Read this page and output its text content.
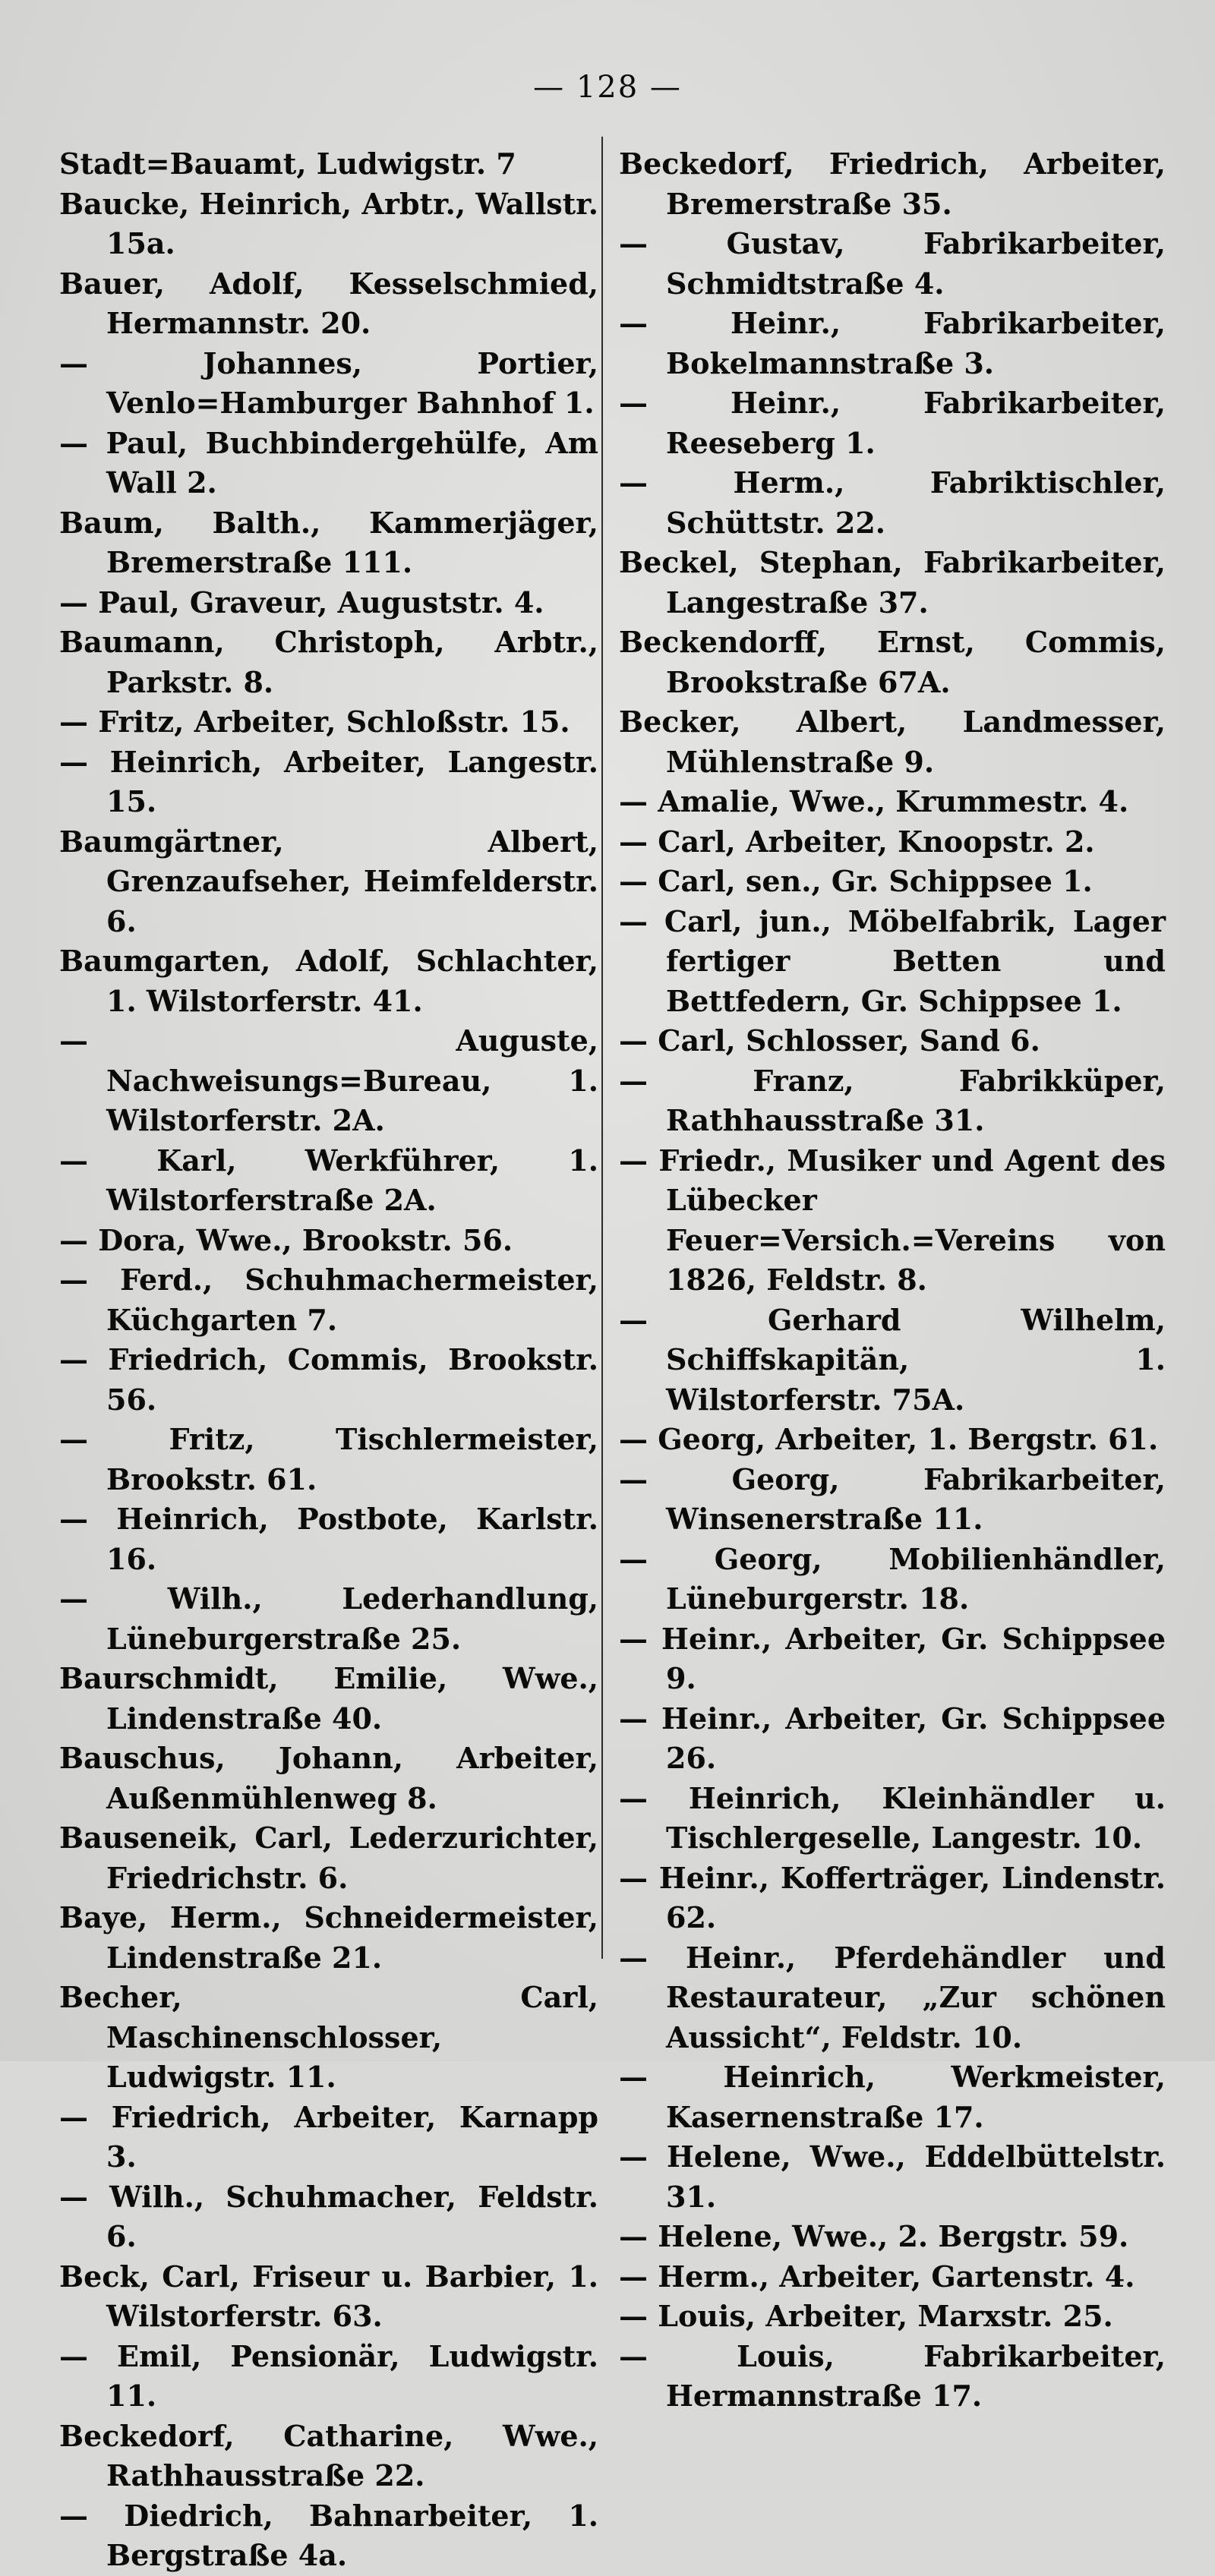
— 128 —

Stadt=Bauamt, Ludwigstr. 7

Baucke, Heinrich, Arbtr., Wallstr. 15a.

Bauer, Adolf, Kesselschmied, Hermannstr. 20.

— Johannes, Portier, Venlo=Hamburger Bahnhof 1.

— Paul, Buchbindergehülfe, Am Wall 2.

Baum, Balth., Kammerjäger, Bremerstraße 111.

— Paul, Graveur, Auguststr. 4.

Baumann, Christoph, Arbtr., Parkstr. 8.

— Fritz, Arbeiter, Schloßstr. 15.

— Heinrich, Arbeiter, Langestr. 15.

Baumgärtner, Albert, Grenzaufseher, Heimfelderstr. 6.

Baumgarten, Adolf, Schlachter, 1. Wilstorferstr. 41.

— Auguste, Nachweisungs=Bureau, 1. Wilstorferstr. 2A.

— Karl, Werkführer, 1. Wilstorferstraße 2A.

— Dora, Wwe., Brookstr. 56.

— Ferd., Schuhmachermeister, Küchgarten 7.

— Friedrich, Commis, Brookstr. 56.

— Fritz, Tischlermeister, Brookstr. 61.

— Heinrich, Postbote, Karlstr. 16.

— Wilh., Lederhandlung, Lüneburgerstraße 25.

Baurschmidt, Emilie, Wwe., Lindenstraße 40.

Bauschus, Johann, Arbeiter, Außenmühlenweg 8.

Bauseneik, Carl, Lederzurichter, Friedrichstr. 6.

Baye, Herm., Schneidermeister, Lindenstraße 21.

Becher, Carl, Maschinenschlosser, Ludwigstr. 11.

— Friedrich, Arbeiter, Karnapp 3.

— Wilh., Schuhmacher, Feldstr. 6.

Beck, Carl, Friseur u. Barbier, 1. Wilstorferstr. 63.

— Emil, Pensionär, Ludwigstr. 11.

Beckedorf, Catharine, Wwe., Rathhausstraße 22.

— Diedrich, Bahnarbeiter, 1. Bergstraße 4a.

Beckedorf, Friedrich, Arbeiter, Bremerstraße 35.

— Gustav, Fabrikarbeiter, Schmidtstraße 4.

— Heinr., Fabrikarbeiter, Bokelmannstraße 3.

— Heinr., Fabrikarbeiter, Reeseberg 1.

— Herm., Fabriktischler, Schüttstr. 22.

Beckel, Stephan, Fabrikarbeiter, Langestraße 37.

Beckendorff, Ernst, Commis, Brookstraße 67A.

Becker, Albert, Landmesser, Mühlenstraße 9.

— Amalie, Wwe., Krummestr. 4.

— Carl, Arbeiter, Knoopstr. 2.

— Carl, sen., Gr. Schippsee 1.

— Carl, jun., Möbelfabrik, Lager fertiger Betten und Bettfedern, Gr. Schippsee 1.

— Carl, Schlosser, Sand 6.

— Franz, Fabrikküper, Rathhausstraße 31.

— Friedr., Musiker und Agent des Lübecker Feuer=Versich.=Vereins von 1826, Feldstr. 8.

— Gerhard Wilhelm, Schiffskapitän, 1. Wilstorferstr. 75A.

— Georg, Arbeiter, 1. Bergstr. 61.

— Georg, Fabrikarbeiter, Winsenerstraße 11.

— Georg, Mobilienhändler, Lüneburgerstr. 18.

— Heinr., Arbeiter, Gr. Schippsee 9.

— Heinr., Arbeiter, Gr. Schippsee 26.

— Heinrich, Kleinhändler u. Tischlergeselle, Langestr. 10.

— Heinr., Kofferträger, Lindenstr. 62.

— Heinr., Pferdehändler und Restaurateur, „Zur schönen Aussicht“, Feldstr. 10.

— Heinrich, Werkmeister, Kasernenstraße 17.

— Helene, Wwe., Eddelbüttelstr. 31.

— Helene, Wwe., 2. Bergstr. 59.

— Herm., Arbeiter, Gartenstr. 4.

— Louis, Arbeiter, Marxstr. 25.

— Louis, Fabrikarbeiter, Hermannstraße 17.
